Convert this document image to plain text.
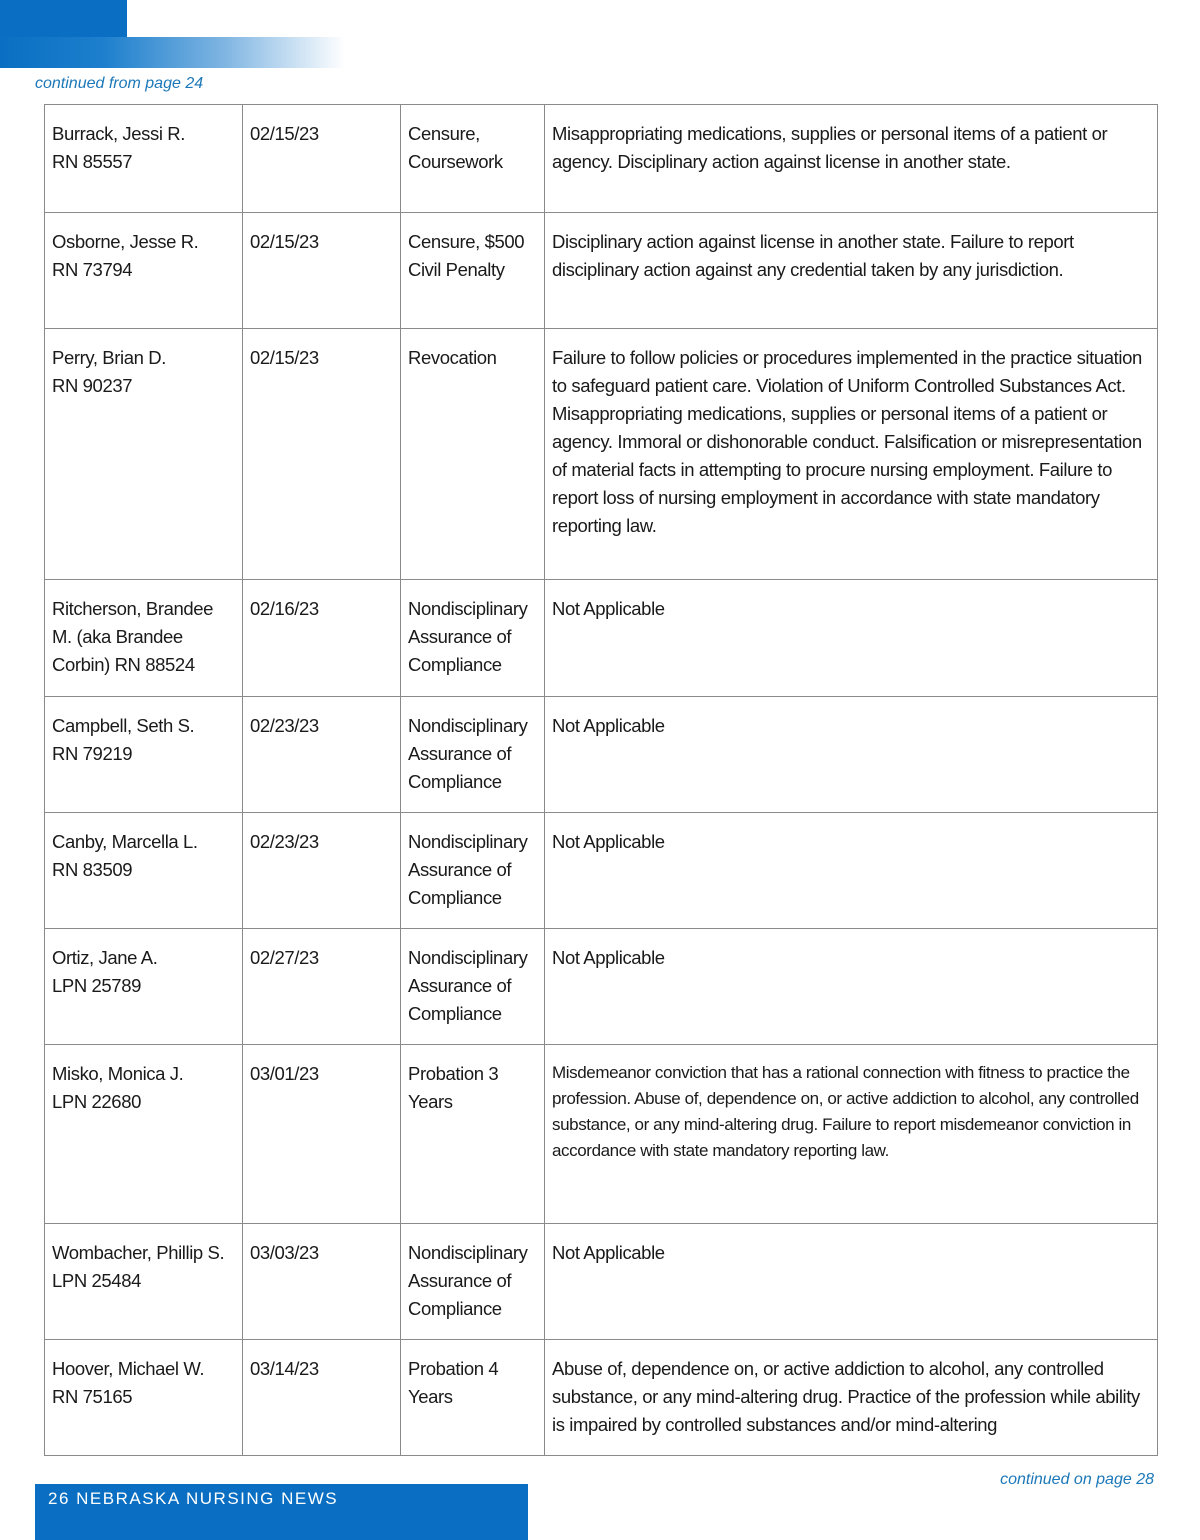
continued from page 24
Burrack, Jessi R.
RN 85557	02/15/23	Censure, Coursework	Misappropriating medications, supplies or personal items of a patient or agency. Disciplinary action against license in another state.

Osborne, Jesse R.
RN 73794	02/15/23	Censure, $500 Civil Penalty	Disciplinary action against license in another state. Failure to report disciplinary action against any credential taken by any jurisdiction.

Perry, Brian D.
RN 90237	02/15/23	Revocation	Failure to follow policies or procedures implemented in the practice situation to safeguard patient care. Violation of Uniform Controlled Substances Act. Misappropriating medications, supplies or personal items of a patient or agency. Immoral or dishonorable conduct. Falsification or misrepresentation of material facts in attempting to procure nursing employment. Failure to report loss of nursing employment in accordance with state mandatory reporting law.

Ritcherson, Brandee M. (aka Brandee Corbin) RN 88524	02/16/23	Nondisciplinary Assurance of Compliance	Not Applicable

Campbell, Seth S.
RN 79219	02/23/23	Nondisciplinary Assurance of Compliance	Not Applicable

Canby, Marcella L.
RN 83509	02/23/23	Nondisciplinary Assurance of Compliance	Not Applicable

Ortiz, Jane A.
LPN 25789	02/27/23	Nondisciplinary Assurance of Compliance	Not Applicable

Misko, Monica J.
LPN 22680	03/01/23	Probation 3 Years	Misdemeanor conviction that has a rational connection with fitness to practice the profession. Abuse of, dependence on, or active addiction to alcohol, any controlled substance, or any mind-altering drug. Failure to report misdemeanor conviction in accordance with state mandatory reporting law.

Wombacher, Phillip S.
LPN 25484	03/03/23	Nondisciplinary Assurance of Compliance	Not Applicable

Hoover, Michael W.
RN 75165	03/14/23	Probation 4 Years	Abuse of, dependence on, or active addiction to alcohol, any controlled substance, or any mind-altering drug. Practice of the profession while ability is impaired by controlled substances and/or mind-altering
continued on page 28
26 NEBRASKA NURSING NEWS
